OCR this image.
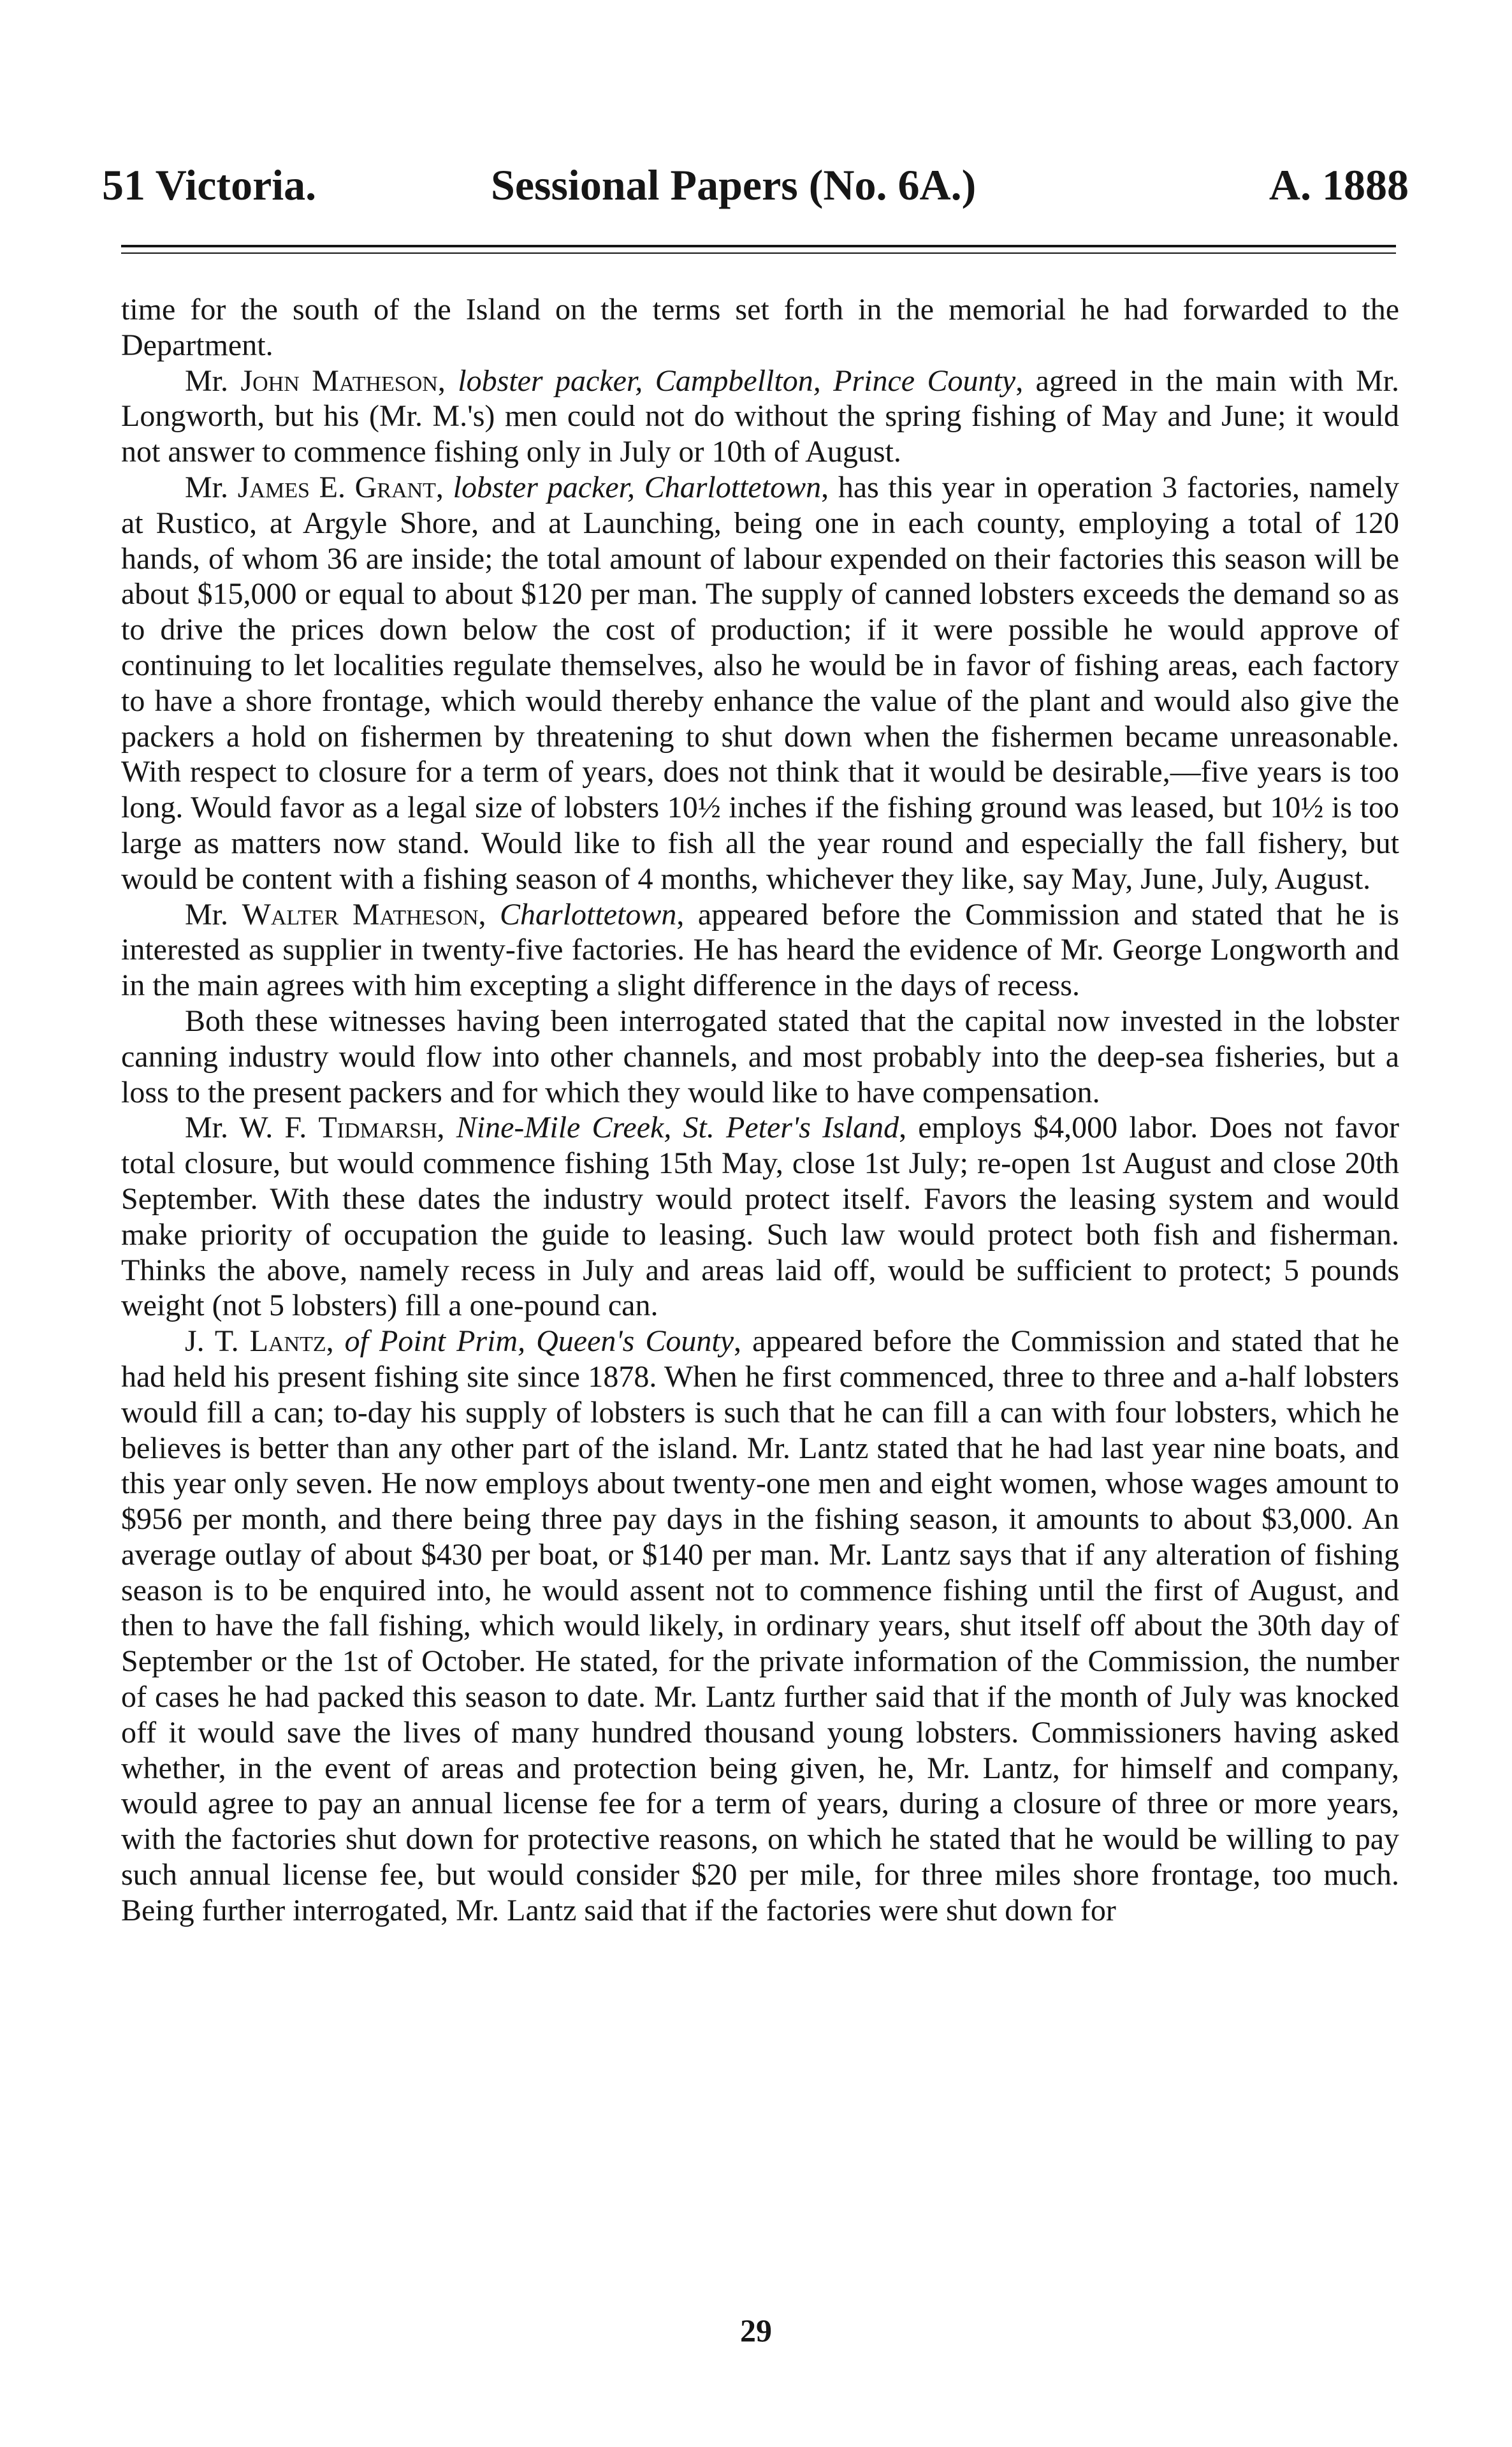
51 Victoria.	Sessional Papers (No. 6A.)	A. 1888

time for the south of the Island on the terms set forth in the memorial he had forwarded to the Department.

Mr. John Matheson, lobster packer, Campbellton, Prince County, agreed in the main with Mr. Longworth, but his (Mr. M.'s) men could not do without the spring fishing of May and June; it would not answer to commence fishing only in July or 10th of August.

Mr. James E. Grant, lobster packer, Charlottetown, has this year in operation 3 factories, namely at Rustico, at Argyle Shore, and at Launching, being one in each county, employing a total of 120 hands, of whom 36 are inside; the total amount of labour expended on their factories this season will be about $15,000 or equal to about $120 per man. The supply of canned lobsters exceeds the demand so as to drive the prices down below the cost of production; if it were possible he would approve of continuing to let localities regulate themselves, also he would be in favor of fishing areas, each factory to have a shore frontage, which would thereby enhance the value of the plant and would also give the packers a hold on fishermen by threatening to shut down when the fishermen became unreasonable. With respect to closure for a term of years, does not think that it would be desirable,—five years is too long. Would favor as a legal size of lobsters 10½ inches if the fishing ground was leased, but 10½ is too large as matters now stand. Would like to fish all the year round and especially the fall fishery, but would be content with a fishing season of 4 months, whichever they like, say May, June, July, August.

Mr. Walter Matheson, Charlottetown, appeared before the Commission and stated that he is interested as supplier in twenty-five factories. He has heard the evidence of Mr. George Longworth and in the main agrees with him excepting a slight difference in the days of recess.

Both these witnesses having been interrogated stated that the capital now invested in the lobster canning industry would flow into other channels, and most probably into the deep-sea fisheries, but a loss to the present packers and for which they would like to have compensation.

Mr. W. F. Tidmarsh, Nine-Mile Creek, St. Peter's Island, employs $4,000 labor. Does not favor total closure, but would commence fishing 15th May, close 1st July; re-open 1st August and close 20th September. With these dates the industry would protect itself. Favors the leasing system and would make priority of occupation the guide to leasing. Such law would protect both fish and fisherman. Thinks the above, namely recess in July and areas laid off, would be sufficient to protect; 5 pounds weight (not 5 lobsters) fill a one-pound can.

J. T. Lantz, of Point Prim, Queen's County, appeared before the Commission and stated that he had held his present fishing site since 1878. When he first commenced, three to three and a-half lobsters would fill a can; to-day his supply of lobsters is such that he can fill a can with four lobsters, which he believes is better than any other part of the island. Mr. Lantz stated that he had last year nine boats, and this year only seven. He now employs about twenty-one men and eight women, whose wages amount to $956 per month, and there being three pay days in the fishing season, it amounts to about $3,000. An average outlay of about $430 per boat, or $140 per man. Mr. Lantz says that if any alteration of fishing season is to be enquired into, he would assent not to commence fishing until the first of August, and then to have the fall fishing, which would likely, in ordinary years, shut itself off about the 30th day of September or the 1st of October. He stated, for the private information of the Commission, the number of cases he had packed this season to date. Mr. Lantz further said that if the month of July was knocked off it would save the lives of many hundred thousand young lobsters. Commissioners having asked whether, in the event of areas and protection being given, he, Mr. Lantz, for himself and company, would agree to pay an annual license fee for a term of years, during a closure of three or more years, with the factories shut down for protective reasons, on which he stated that he would be willing to pay such annual license fee, but would consider $20 per mile, for three miles shore frontage, too much. Being further interrogated, Mr. Lantz said that if the factories were shut down for

29
